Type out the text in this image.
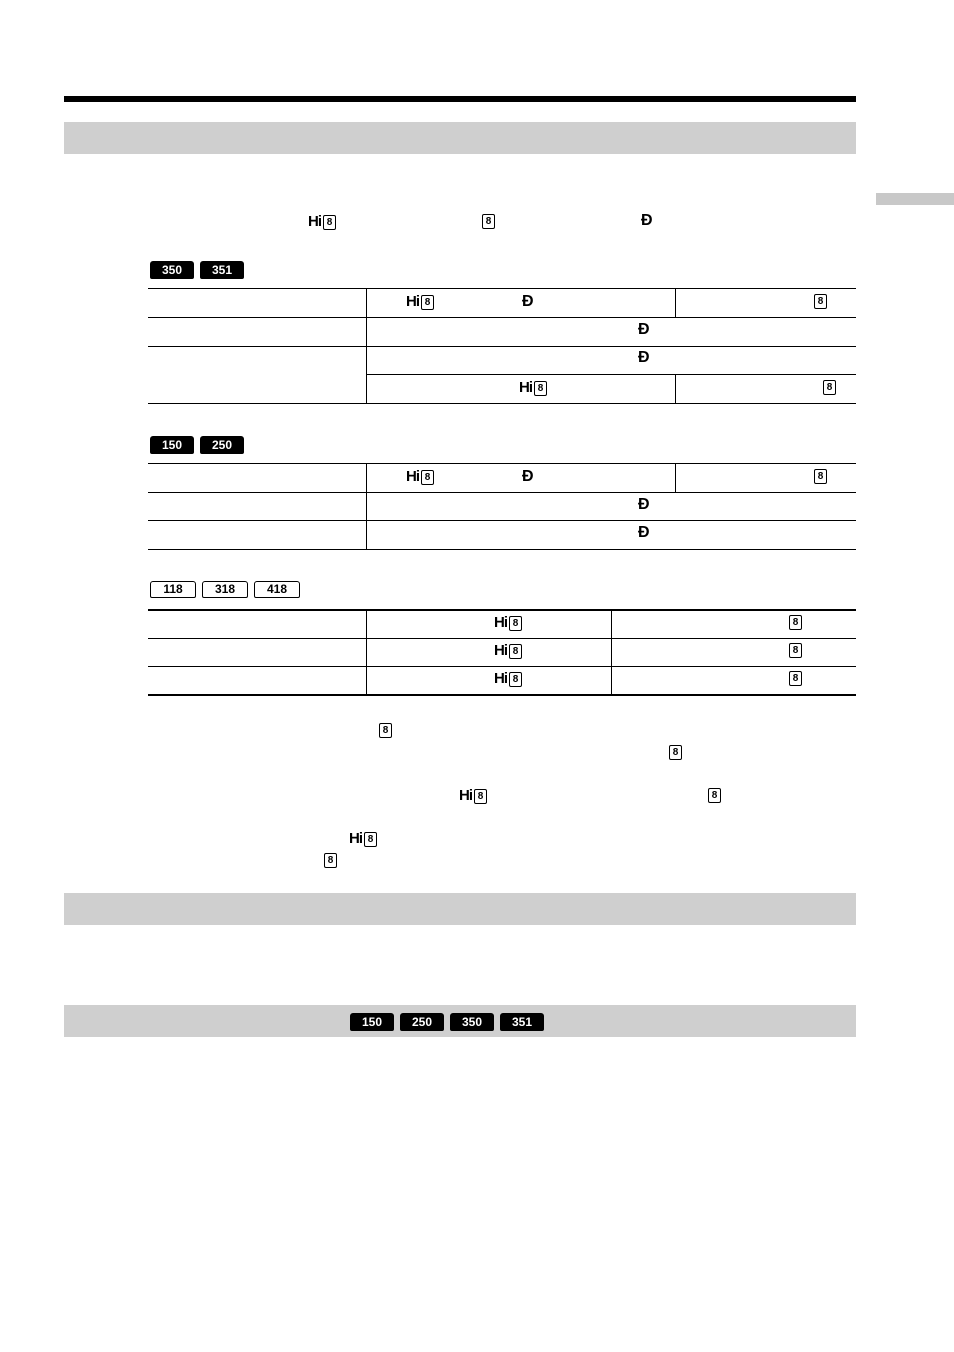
H i 8	8	Ð
350	351
H i 8	Ð	8
Ð
Ð
H i 8	8
150	250
H i 8	Ð	8
Ð
Ð
118	318	418
H i 8	8
H i 8	8
H i 8	8
8
8
H i 8	8
H i 8
8
150	250	350	351
